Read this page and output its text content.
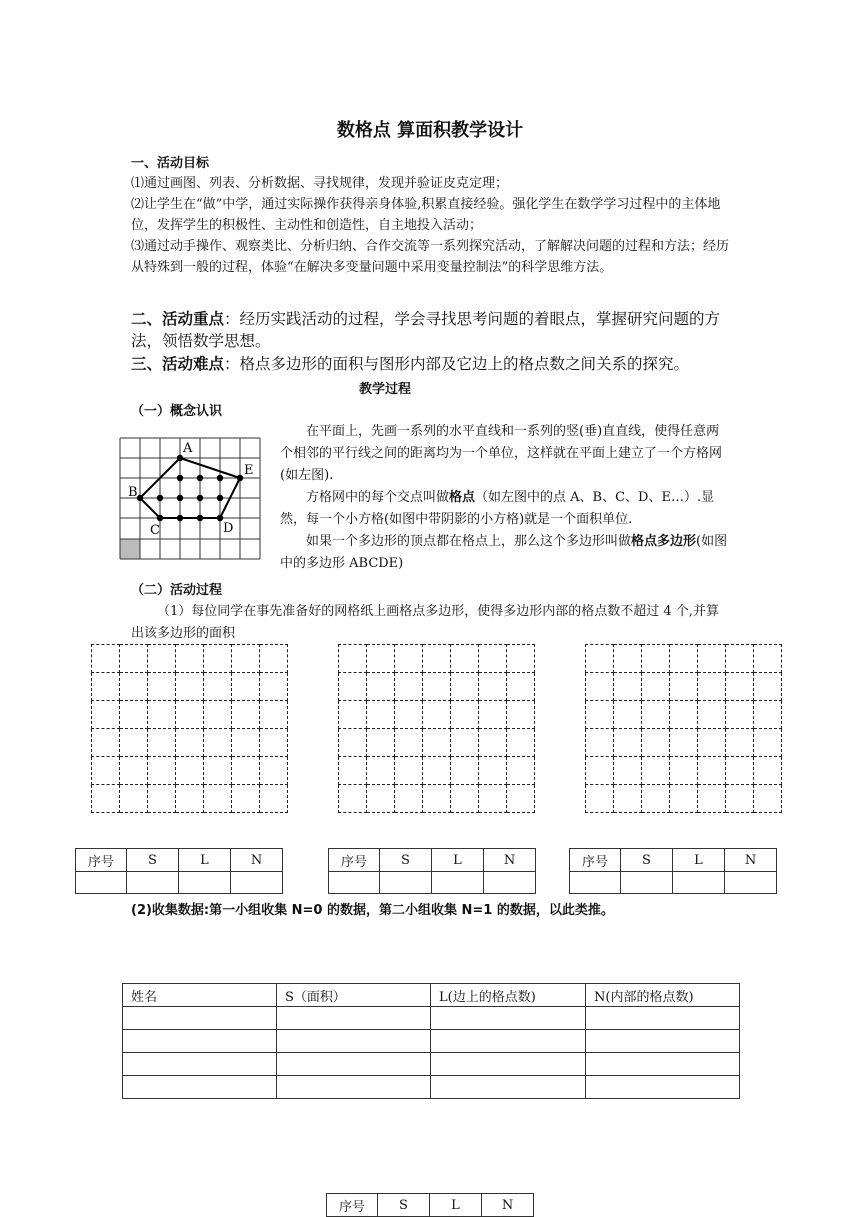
数格点 算面积教学设计
一、活动目标
⑴通过画图、列表、分析数据、寻找规律，发现并验证皮克定理；
⑵让学生在“做”中学，通过实际操作获得亲身体验,积累直接经验。强化学生在数学学习过程中的主体地位，发挥学生的积极性、主动性和创造性，自主地投入活动；
⑶通过动手操作、观察类比、分析归纳、合作交流等一系列探究活动，了解解决问题的过程和方法；经历从特殊到一般的过程，体验“在解决多变量问题中采用变量控制法”的科学思维方法。
二、活动重点：经历实践活动的过程，学会寻找思考问题的着眼点，掌握研究问题的方法，领悟数学思想。
三、活动难点：格点多边形的面积与图形内部及它边上的格点数之间关系的探究。
教学过程
（一）概念认识
A
B
C	D
E

在平面上，先画一系列的水平直线和一系列的竖(垂)直直线，使得任意两个相邻的平行线之间的距离均为一个单位，这样就在平面上建立了一个方格网(如左图).

方格网中的每个交点叫做格点（如左图中的点 A、B、C、D、E…）.显然，每一个小方格(如图中带阴影的小方格)就是一个面积单位.

如果一个多边形的顶点都在格点上，那么这个多边形叫做格点多边形(如图中的多边形 ABCDE)

（二）活动过程
（1）每位同学在事先准备好的网格纸上画格点多边形，使得多边形内部的格点数不超过 4 个,并算出该多边形的面积

序号	S	L	N
				序号	S	L	N
				序号	S	L	N

(2)收集数据:第一小组收集 N=0 的数据，第二小组收集 N=1 的数据，以此类推。
姓名	S（面积）	L(边上的格点数)	N(内部的格点数)

序号	S	L	N
